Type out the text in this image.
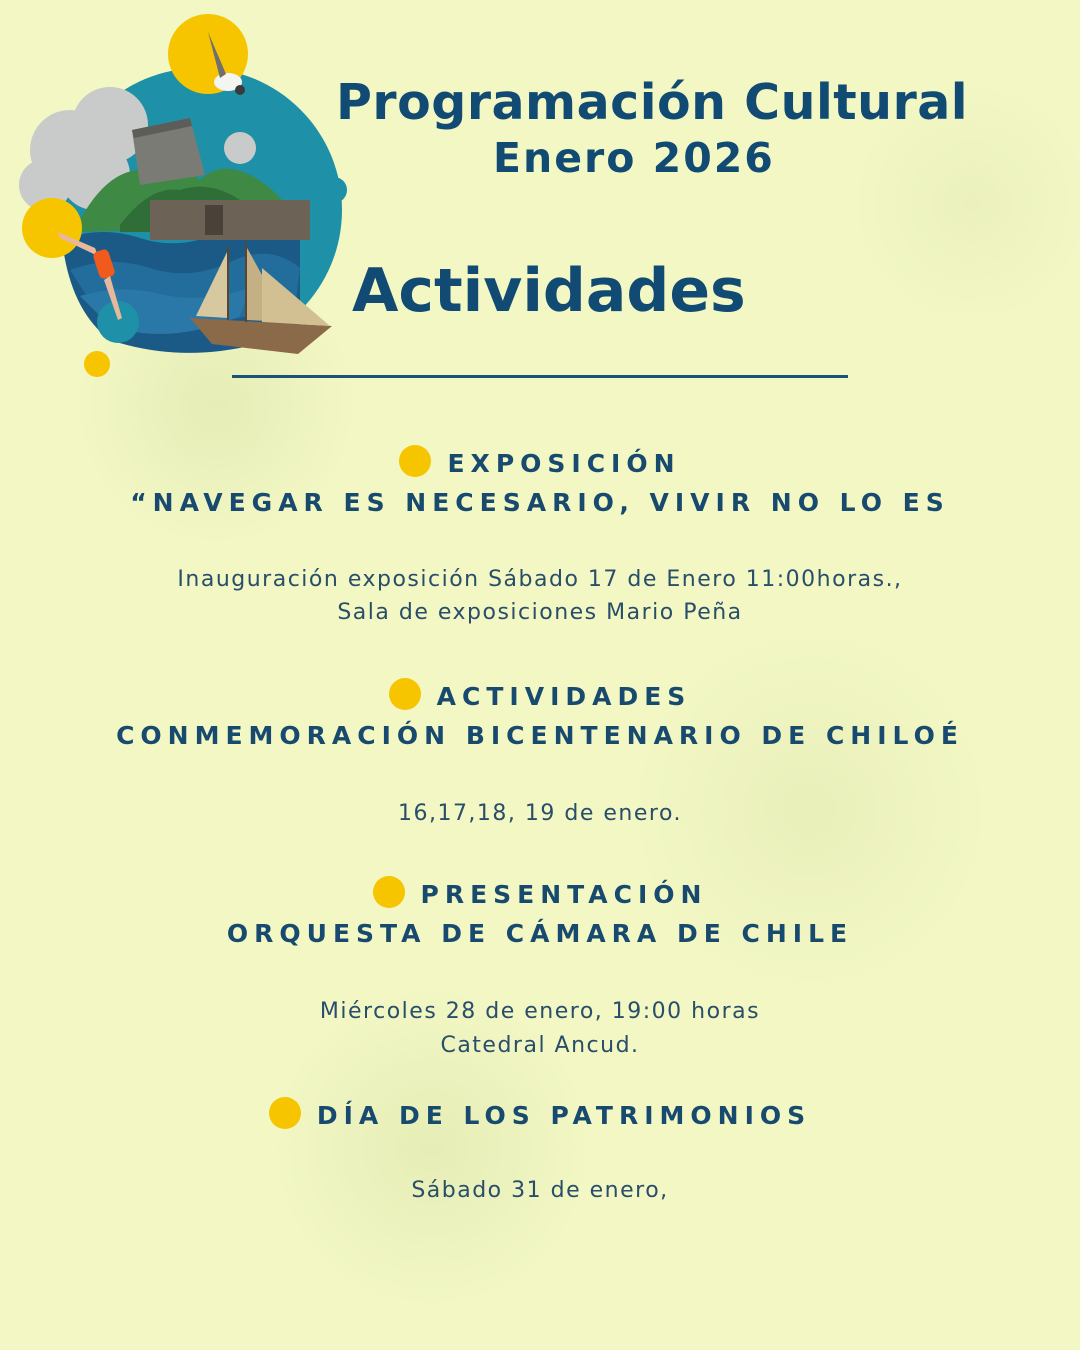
Programación Cultural
Enero 2026
Actividades
EXPOSICIÓN
“NAVEGAR ES NECESARIO, VIVIR NO LO ES
Inauguración exposición Sábado 17 de Enero 11:00horas.,
Sala de exposiciones Mario Peña
ACTIVIDADES
CONMEMORACIÓN BICENTENARIO DE CHILOÉ
16,17,18, 19 de enero.
PRESENTACIÓN
ORQUESTA DE CÁMARA DE CHILE
Miércoles 28 de enero, 19:00 horas
Catedral Ancud.
DÍA DE LOS PATRIMONIOS
Sábado 31 de enero,
